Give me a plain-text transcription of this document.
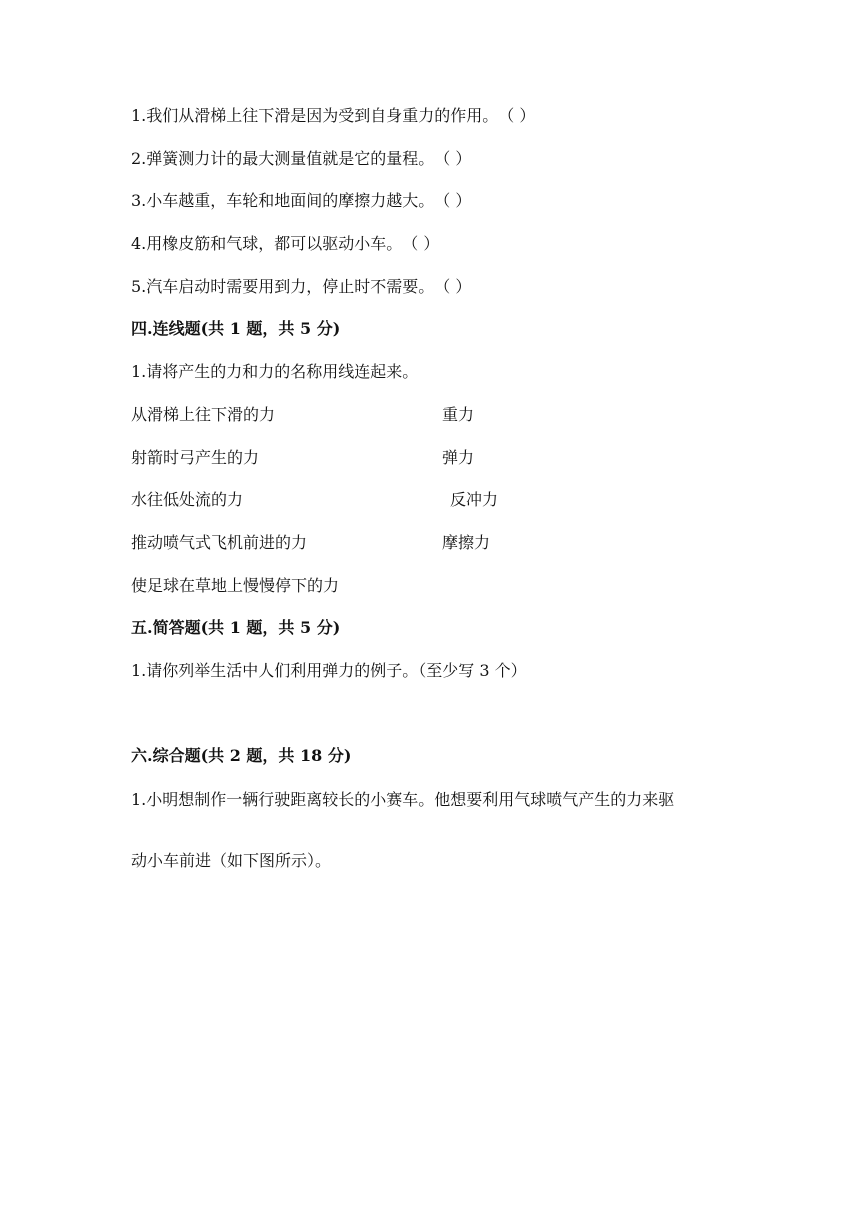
1.我们从滑梯上往下滑是因为受到自身重力的作用。（ ）
2.弹簧测力计的最大测量值就是它的量程。（ ）
3.小车越重，车轮和地面间的摩擦力越大。（ ）
4.用橡皮筋和气球，都可以驱动小车。（ ）
5.汽车启动时需要用到力，停止时不需要。（ ）
四.连线题(共 1 题，共 5 分)
1.请将产生的力和力的名称用线连起来。
从滑梯上往下滑的力	重力
射箭时弓产生的力	弹力
水往低处流的力	反冲力
推动喷气式飞机前进的力	摩擦力
使足球在草地上慢慢停下的力
五.简答题(共 1 题，共 5 分)
1.请你列举生活中人们利用弹力的例子。（至少写 3 个）
六.综合题(共 2 题，共 18 分)
1.小明想制作一辆行驶距离较长的小赛车。他想要利用气球喷气产生的力来驱
动小车前进（如下图所示）。
